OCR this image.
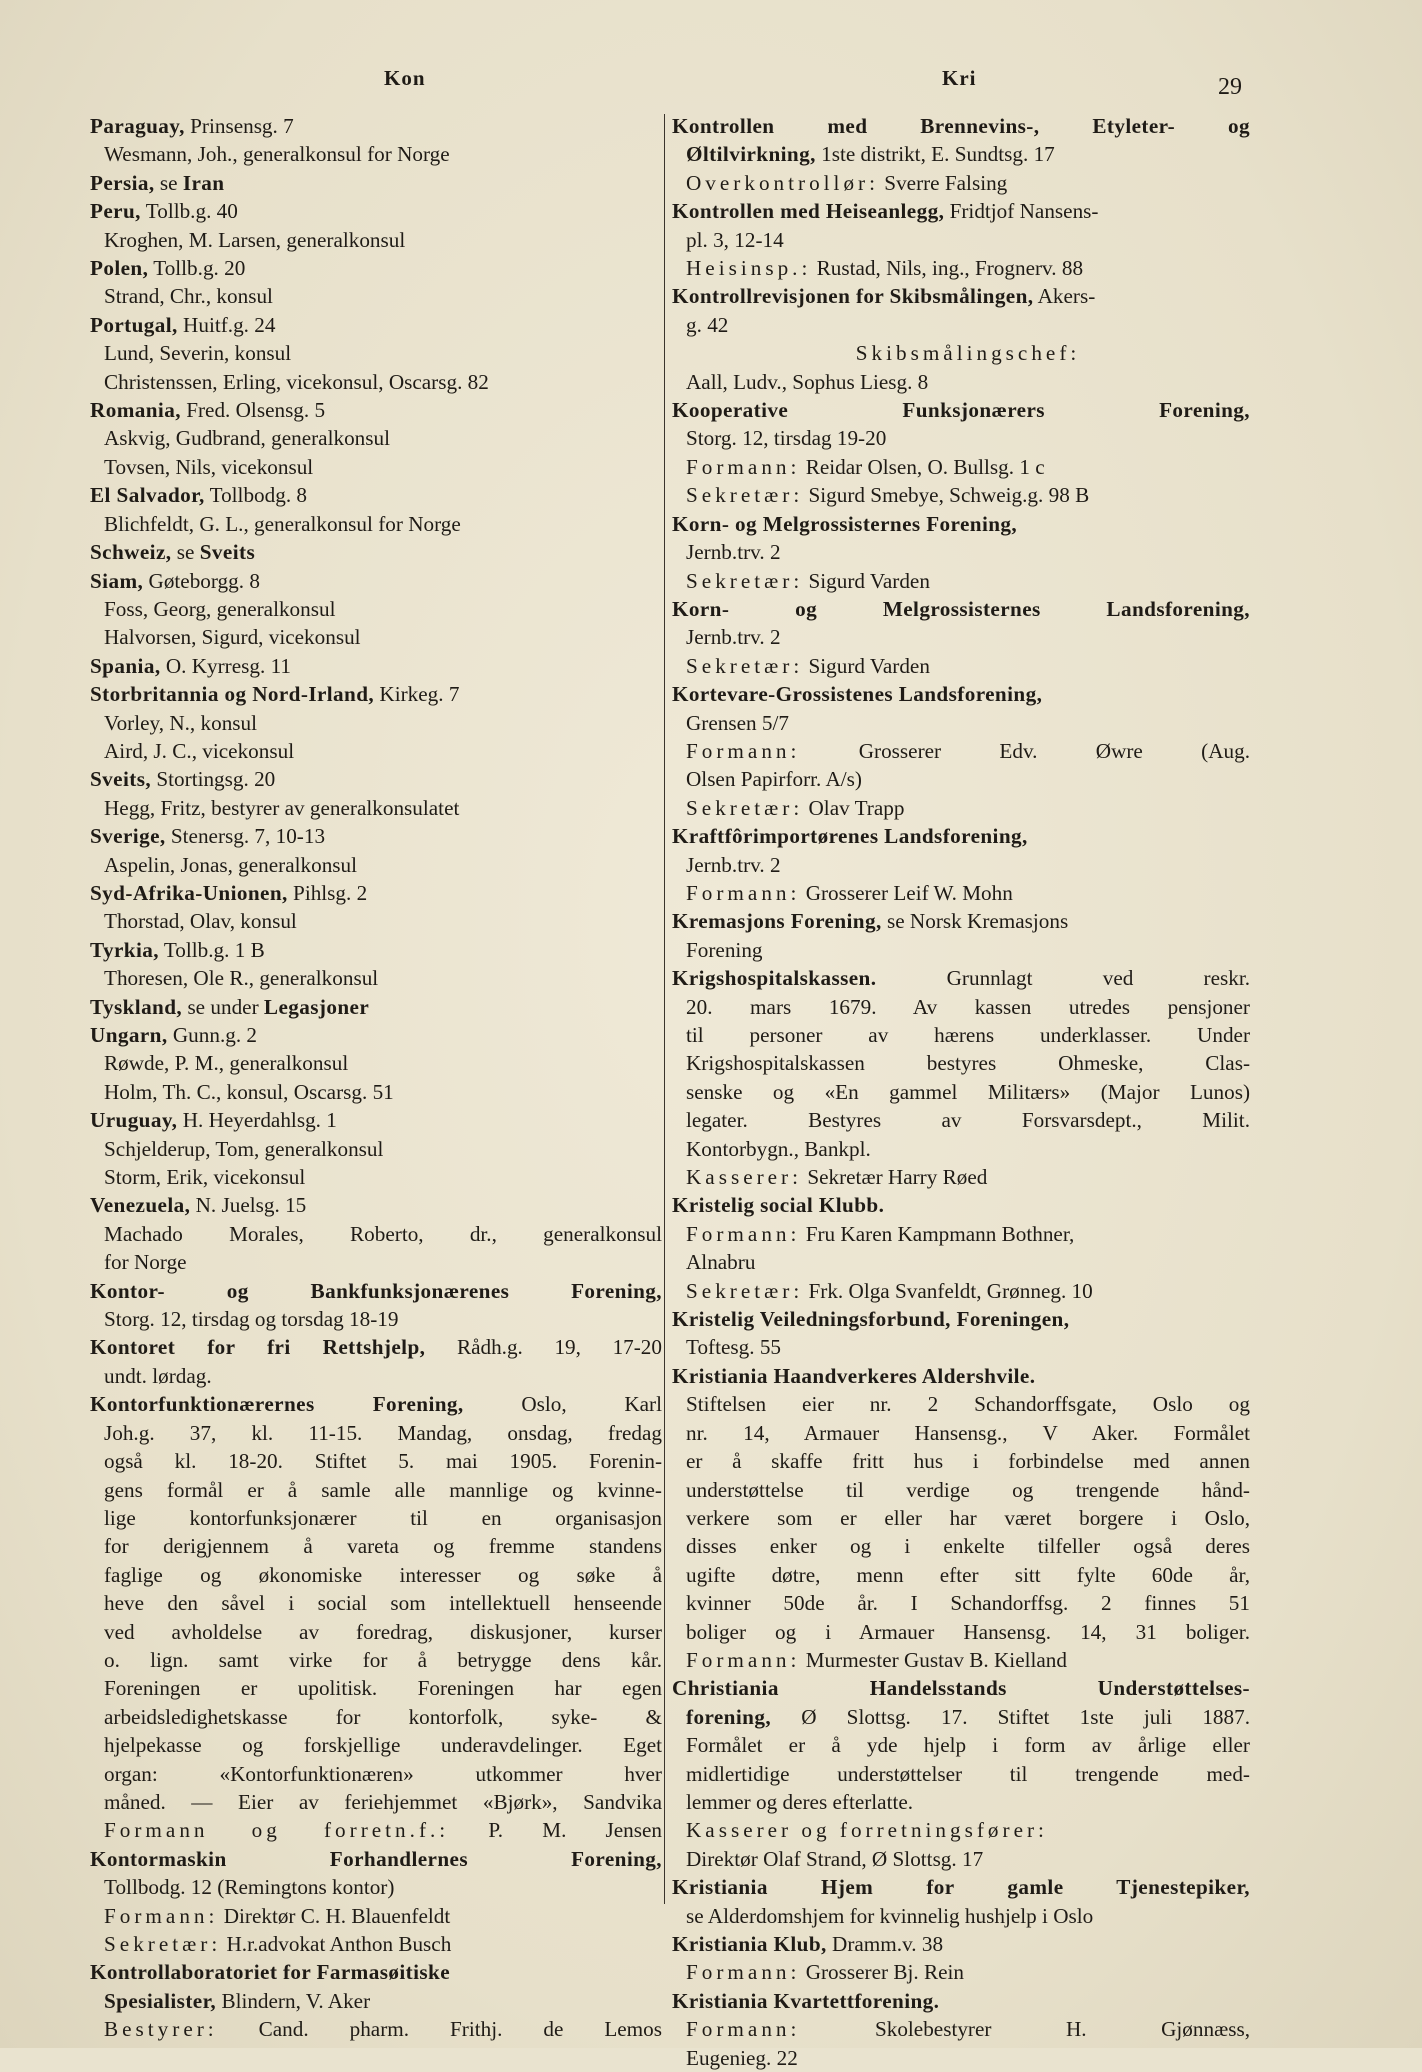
Kon	Kri	29
Paraguay, Prinsensg. 7
Wesmann, Joh., generalkonsul for Norge
Persia, se Iran
Peru, Tollb.g. 40
Kroghen, M. Larsen, generalkonsul
Polen, Tollb.g. 20
Strand, Chr., konsul
Portugal, Huitf.g. 24
Lund, Severin, konsul
Christenssen, Erling, vicekonsul, Oscarsg. 82
Romania, Fred. Olsensg. 5
Askvig, Gudbrand, generalkonsul
Tovsen, Nils, vicekonsul
El Salvador, Tollbodg. 8
Blichfeldt, G. L., generalkonsul for Norge
Schweiz, se Sveits
Siam, Gøteborgg. 8
Foss, Georg, generalkonsul
Halvorsen, Sigurd, vicekonsul
Spania, O. Kyrresg. 11
Storbritannia og Nord-Irland, Kirkeg. 7
Vorley, N., konsul
Aird, J. C., vicekonsul
Sveits, Stortingsg. 20
Hegg, Fritz, bestyrer av generalkonsulatet
Sverige, Stenersg. 7, 10-13
Aspelin, Jonas, generalkonsul
Syd-Afrika-Unionen, Pihlsg. 2
Thorstad, Olav, konsul
Tyrkia, Tollb.g. 1 B
Thoresen, Ole R., generalkonsul
Tyskland, se under Legasjoner
Ungarn, Gunn.g. 2
Røwde, P. M., generalkonsul
Holm, Th. C., konsul, Oscarsg. 51
Uruguay, H. Heyerdahlsg. 1
Schjelderup, Tom, generalkonsul
Storm, Erik, vicekonsul
Venezuela, N. Juelsg. 15
Machado Morales, Roberto, dr., generalkonsul
for Norge
Kontor- og Bankfunksjonærenes Forening,
Storg. 12, tirsdag og torsdag 18-19
Kontoret for fri Rettshjelp, Rådh.g. 19, 17-20
undt. lørdag.
Kontorfunktionærernes Forening, Oslo, Karl
Joh.g. 37, kl. 11-15. Mandag, onsdag, fredag
også kl. 18-20. Stiftet 5. mai 1905. Forenin-
gens formål er å samle alle mannlige og kvinne-
lige kontorfunksjonærer til en organisasjon
for derigjennem å vareta og fremme standens
faglige og økonomiske interesser og søke å
heve den såvel i social som intellektuell henseende
ved avholdelse av foredrag, diskusjoner, kurser
o. lign. samt virke for å betrygge dens kår.
Foreningen er upolitisk. Foreningen har egen
arbeidsledighetskasse for kontorfolk, syke- &
hjelpekasse og forskjellige underavdelinger. Eget
organ: «Kontorfunktionæren» utkommer hver
måned. — Eier av feriehjemmet «Bjørk», Sandvika
Formann og forretn.f.: P. M. Jensen
Kontormaskin Forhandlernes Forening,
Tollbodg. 12 (Remingtons kontor)
Formann: Direktør C. H. Blauenfeldt
Sekretær: H.r.advokat Anthon Busch
Kontrollaboratoriet for Farmasøitiske
Spesialister, Blindern, V. Aker
Bestyrer: Cand. pharm. Frithj. de Lemos
Kontrollen med Brennevins-, Etyleter- og
Øltilvirkning, 1ste distrikt, E. Sundtsg. 17
Overkontrollør: Sverre Falsing
Kontrollen med Heiseanlegg, Fridtjof Nansens-
pl. 3, 12-14
Heisinsp.: Rustad, Nils, ing., Frognerv. 88
Kontrollrevisjonen for Skibsmålingen, Akers-
g. 42
Skibsmålingschef:
Aall, Ludv., Sophus Liesg. 8
Kooperative Funksjonærers Forening,
Storg. 12, tirsdag 19-20
Formann: Reidar Olsen, O. Bullsg. 1 c
Sekretær: Sigurd Smebye, Schweig.g. 98 B
Korn- og Melgrossisternes Forening,
Jernb.trv. 2
Sekretær: Sigurd Varden
Korn- og Melgrossisternes Landsforening,
Jernb.trv. 2
Sekretær: Sigurd Varden
Kortevare-Grossistenes Landsforening,
Grensen 5/7
Formann: Grosserer Edv. Øwre (Aug.
Olsen Papirforr. A/s)
Sekretær: Olav Trapp
Kraftfôrimportørenes Landsforening,
Jernb.trv. 2
Formann: Grosserer Leif W. Mohn
Kremasjons Forening, se Norsk Kremasjons
Forening
Krigshospitalskassen. Grunnlagt ved reskr.
20. mars 1679. Av kassen utredes pensjoner
til personer av hærens underklasser. Under
Krigshospitalskassen bestyres Ohmeske, Clas-
senske og «En gammel Militærs» (Major Lunos)
legater. Bestyres av Forsvarsdept., Milit.
Kontorbygn., Bankpl.
Kasserer: Sekretær Harry Røed
Kristelig social Klubb.
Formann: Fru Karen Kampmann Bothner,
Alnabru
Sekretær: Frk. Olga Svanfeldt, Grønneg. 10
Kristelig Veiledningsforbund, Foreningen,
Toftesg. 55
Kristiania Haandverkeres Aldershvile.
Stiftelsen eier nr. 2 Schandorffsgate, Oslo og
nr. 14, Armauer Hansensg., V Aker. Formålet
er å skaffe fritt hus i forbindelse med annen
understøttelse til verdige og trengende hånd-
verkere som er eller har været borgere i Oslo,
disses enker og i enkelte tilfeller også deres
ugifte døtre, menn efter sitt fylte 60de år,
kvinner 50de år. I Schandorffsg. 2 finnes 51
boliger og i Armauer Hansensg. 14, 31 boliger.
Formann: Murmester Gustav B. Kielland
Christiania Handelsstands Understøttelses-
forening, Ø Slottsg. 17. Stiftet 1ste juli 1887.
Formålet er å yde hjelp i form av årlige eller
midlertidige understøttelser til trengende med-
lemmer og deres efterlatte.
Kasserer og forretningsfører:
Direktør Olaf Strand, Ø Slottsg. 17
Kristiania Hjem for gamle Tjenestepiker,
se Alderdomshjem for kvinnelig hushjelp i Oslo
Kristiania Klub, Dramm.v. 38
Formann: Grosserer Bj. Rein
Kristiania Kvartettforening.
Formann: Skolebestyrer H. Gjønnæss,
Eugenieg. 22
